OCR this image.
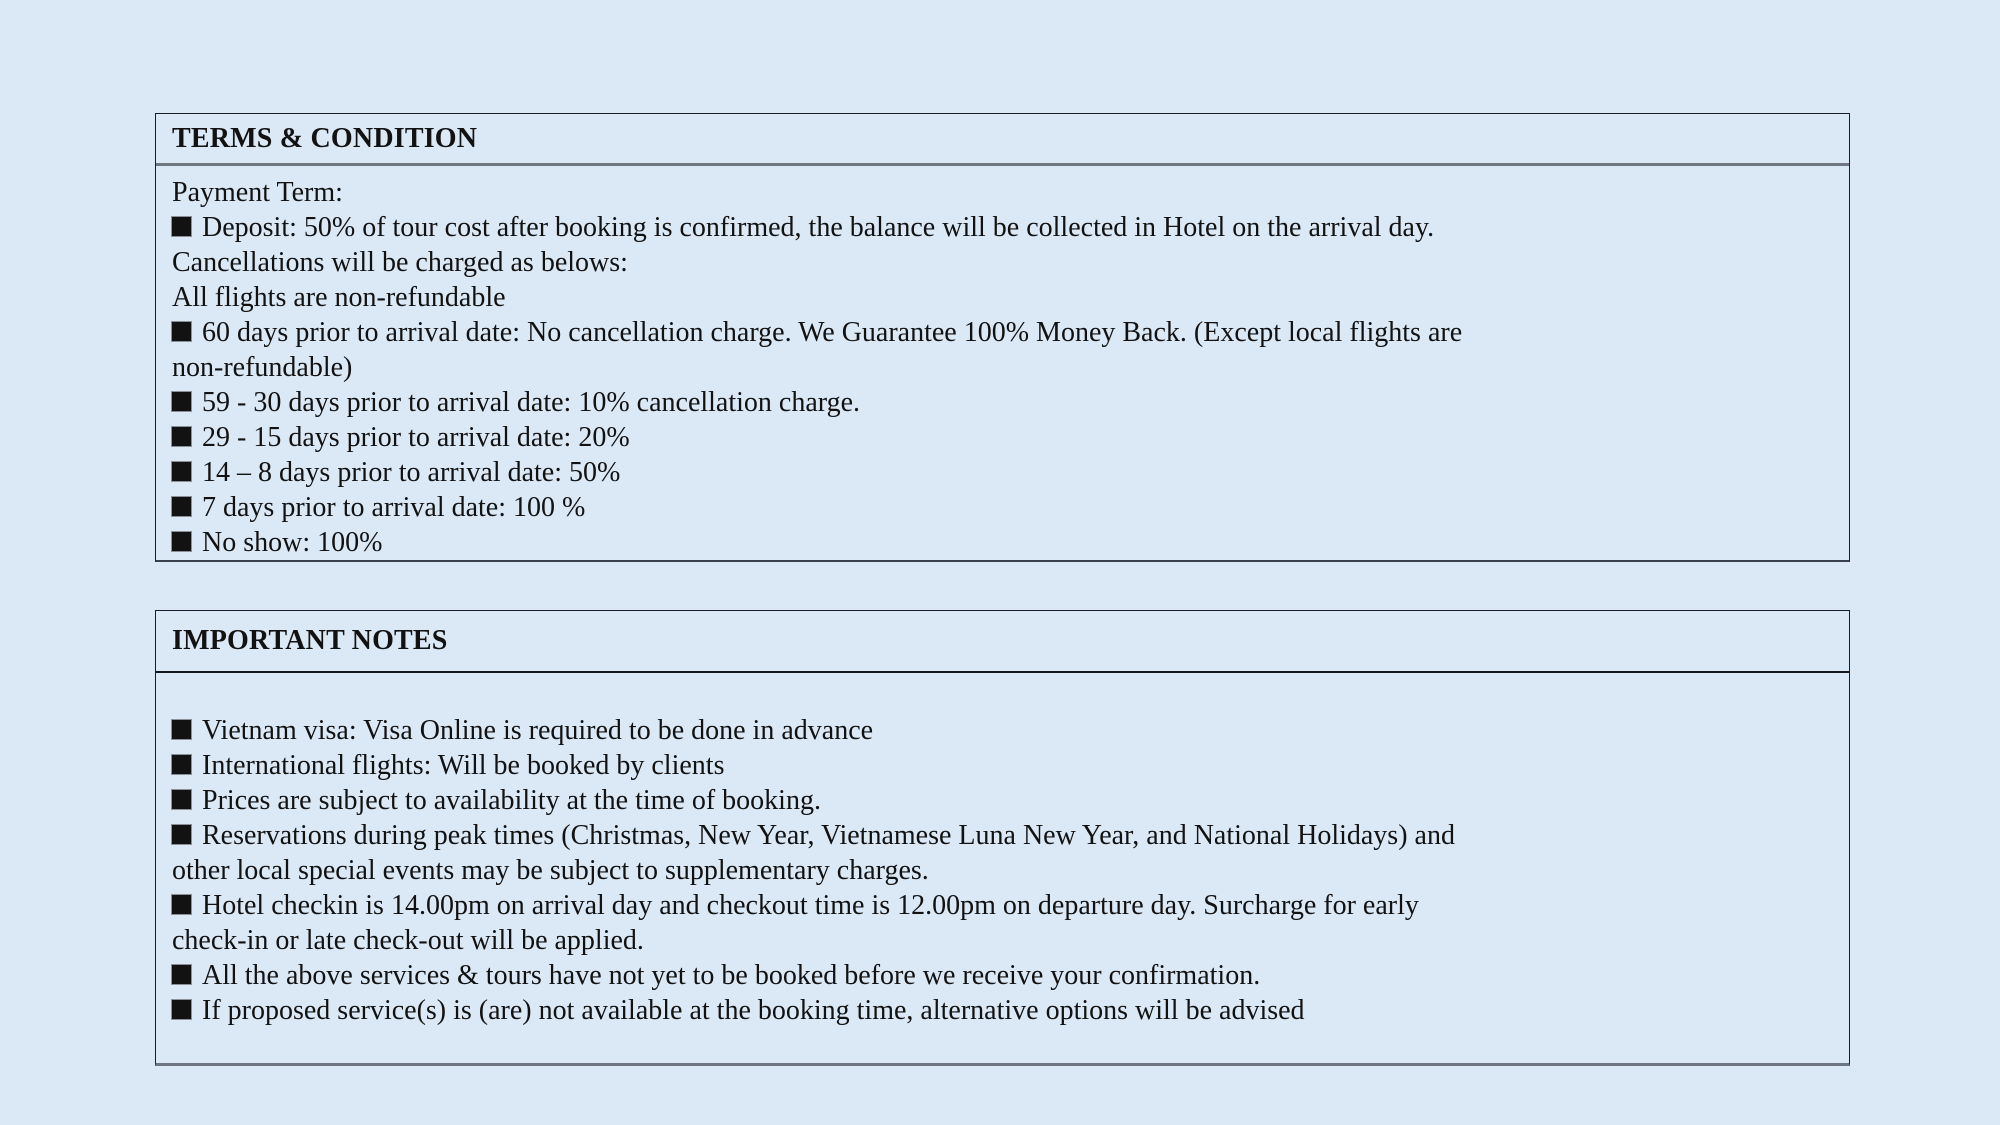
TERMS & CONDITION
Payment Term:
Deposit: 50% of tour cost after booking is confirmed, the balance will be collected in Hotel on the arrival day.
Cancellations will be charged as belows:
All flights are non-refundable
60 days prior to arrival date: No cancellation charge. We Guarantee 100% Money Back. (Except local flights are
non-refundable)
59 - 30 days prior to arrival date: 10% cancellation charge.
29 - 15 days prior to arrival date: 20%
14 – 8 days prior to arrival date: 50%
7 days prior to arrival date: 100 %
No show: 100%
IMPORTANT NOTES
Vietnam visa: Visa Online is required to be done in advance
International flights: Will be booked by clients
Prices are subject to availability at the time of booking.
Reservations during peak times (Christmas, New Year, Vietnamese Luna New Year, and National Holidays) and
other local special events may be subject to supplementary charges.
Hotel checkin is 14.00pm on arrival day and checkout time is 12.00pm on departure day. Surcharge for early
check-in or late check-out will be applied.
All the above services & tours have not yet to be booked before we receive your confirmation.
If proposed service(s) is (are) not available at the booking time, alternative options will be advised
